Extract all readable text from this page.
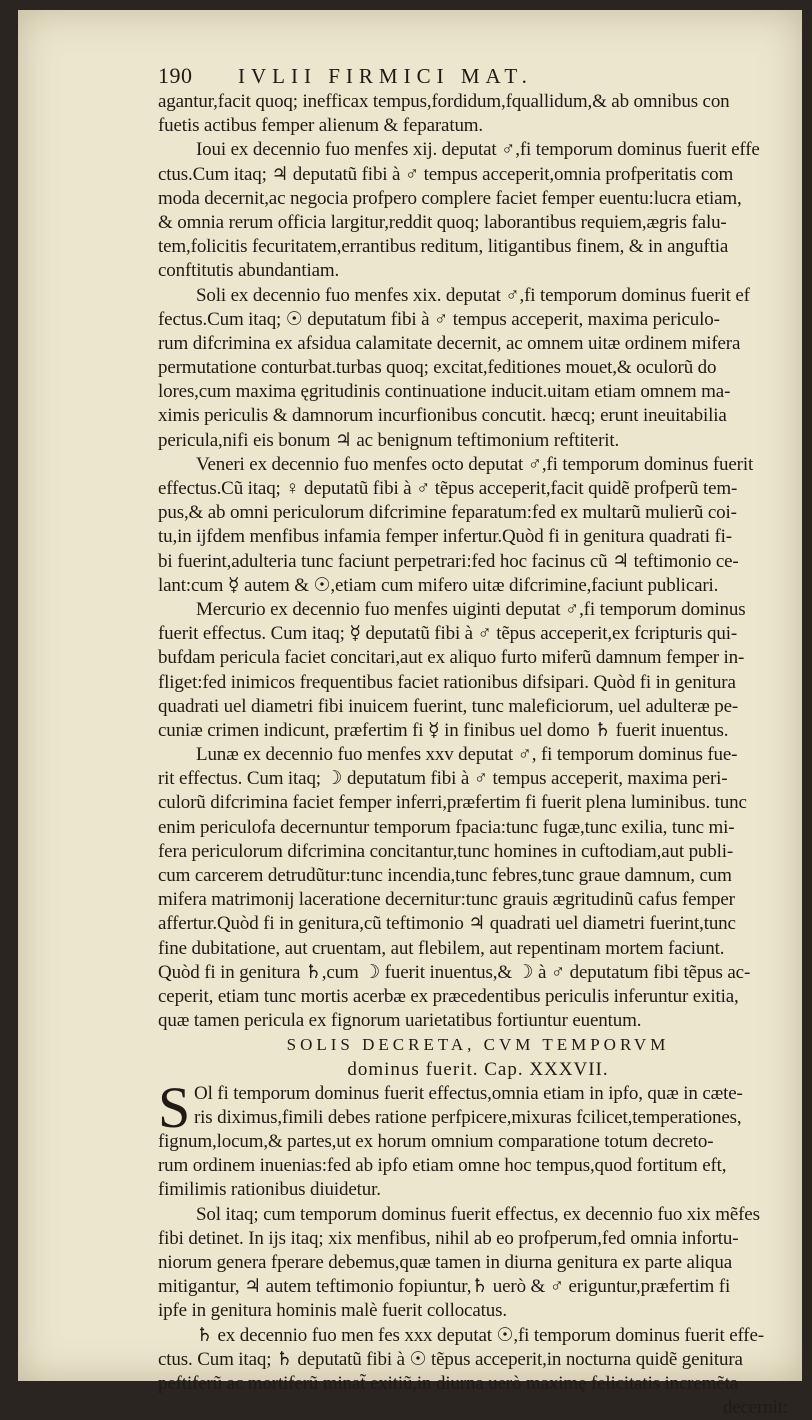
190	IVLII FIRMICI MAT.
agantur,facit quoq; inefficax tempus,fordidum,fquallidum,& ab omnibus con
fuetis actibus femper alienum & feparatum.
Ioui ex decennio fuo menfes xij. deputat ♂,fi temporum dominus fuerit effe
ctus.Cum itaq; ♃ deputatũ fibi à ♂ tempus acceperit,omnia profperitatis com
moda decernit,ac negocia profpero complere faciet femper euentu:lucra etiam,
& omnia rerum officia largitur,reddit quoq; laborantibus requiem,ægris falu-
tem,folicitis fecuritatem,errantibus reditum, litigantibus finem, & in anguftia
conftitutis abundantiam.
Soli ex decennio fuo menfes xix. deputat ♂,fi temporum dominus fuerit ef
fectus.Cum itaq; ☉ deputatum fibi à ♂ tempus acceperit, maxima periculo-
rum difcrimina ex afsidua calamitate decernit, ac omnem uitæ ordinem mifera
permutatione conturbat.turbas quoq; excitat,feditiones mouet,& oculorũ do
lores,cum maxima ęgritudinis continuatione inducit.uitam etiam omnem ma-
ximis periculis & damnorum incurfionibus concutit. hæcq; erunt ineuitabilia
pericula,nifi eis bonum ♃ ac benignum teftimonium reftiterit.
Veneri ex decennio fuo menfes octo deputat ♂,fi temporum dominus fuerit
effectus.Cũ itaq; ♀ deputatũ fibi à ♂ tẽpus acceperit,facit quidẽ profperũ tem-
pus,& ab omni periculorum difcrimine feparatum:fed ex multarũ mulierũ coi-
tu,in ijfdem menfibus infamia femper infertur.Quòd fi in genitura quadrati fi-
bi fuerint,adulteria tunc faciunt perpetrari:fed hoc facinus cũ ♃ teftimonio ce-
lant:cum ☿ autem & ☉,etiam cum mifero uitæ difcrimine,faciunt publicari.
Mercurio ex decennio fuo menfes uiginti deputat ♂,fi temporum dominus
fuerit effectus. Cum itaq; ☿ deputatũ fibi à ♂ tẽpus acceperit,ex fcripturis qui-
bufdam pericula faciet concitari,aut ex aliquo furto miferũ damnum femper in-
fliget:fed inimicos frequentibus faciet rationibus difsipari. Quòd fi in genitura
quadrati uel diametri fibi inuicem fuerint, tunc maleficiorum, uel adulteræ pe-
cuniæ crimen indicunt, præfertim fi ☿ in finibus uel domo ♄ fuerit inuentus.
Lunæ ex decennio fuo menfes xxv deputat ♂, fi temporum dominus fue-
rit effectus. Cum itaq; ☽ deputatum fibi à ♂ tempus acceperit, maxima peri-
culorũ difcrimina faciet femper inferri,præfertim fi fuerit plena luminibus. tunc
enim periculofa decernuntur temporum fpacia:tunc fugæ,tunc exilia, tunc mi-
fera periculorum difcrimina concitantur,tunc homines in cuftodiam,aut publi-
cum carcerem detrudũtur:tunc incendia,tunc febres,tunc graue damnum, cum
mifera matrimonij laceratione decernitur:tunc grauis ægritudinũ cafus femper
affertur.Quòd fi in genitura,cũ teftimonio ♃ quadrati uel diametri fuerint,tunc
fine dubitatione, aut cruentam, aut flebilem, aut repentinam mortem faciunt.
Quòd fi in genitura ♄,cum ☽ fuerit inuentus,& ☽ à ♂ deputatum fibi tẽpus ac-
ceperit, etiam tunc mortis acerbæ ex præcedentibus periculis inferuntur exitia,
quæ tamen pericula ex fignorum uarietatibus fortiuntur euentum.
SOLIS DECRETA, CVM TEMPORVM
dominus fuerit. Cap. XXXVII.
S Ol fi temporum dominus fuerit effectus,omnia etiam in ipfo, quæ in cæte-
ris diximus,fimili debes ratione perfpicere,mixuras fcilicet,temperationes,
fignum,locum,& partes,ut ex horum omnium comparatione totum decreto-
rum ordinem inuenias:fed ab ipfo etiam omne hoc tempus,quod fortitum eft,
fimilimis rationibus diuidetur.
Sol itaq; cum temporum dominus fuerit effectus, ex decennio fuo xix mẽfes
fibi detinet. In ijs itaq; xix menfibus, nihil ab eo profperum,fed omnia infortu-
niorum genera fperare debemus,quæ tamen in diurna genitura ex parte aliqua
mitigantur, ♃ autem teftimonio fopiuntur,♄ uerò & ♂ eriguntur,præfertim fi
ipfe in genitura hominis malè fuerit collocatus.
♄ ex decennio fuo men fes xxx deputat ☉,fi temporum dominus fuerit effe-
ctus. Cum itaq; ♄ deputatũ fibi à ☉ tẽpus acceperit,in nocturna quidẽ genitura
peftiferũ ac mortiferũ minat̃ exitiũ,in diurna uerò maximę felicitatis incremẽta
decernit:
